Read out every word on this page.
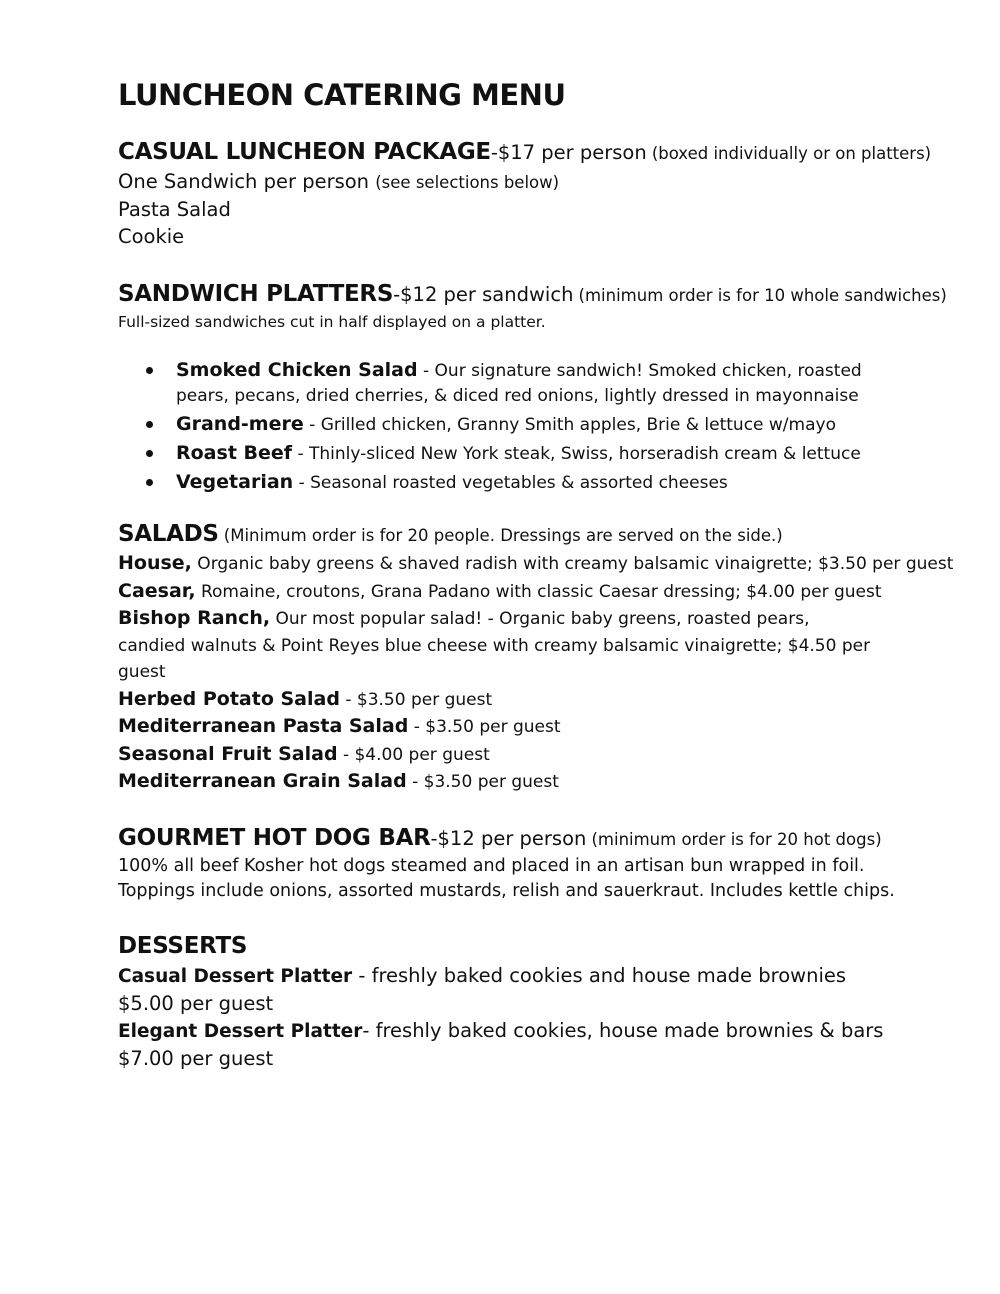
LUNCHEON CATERING MENU
CASUAL LUNCHEON PACKAGE-$17 per person (boxed individually or on platters)
One Sandwich per person (see selections below)
Pasta Salad
Cookie
SANDWICH PLATTERS-$12 per sandwich (minimum order is for 10 whole sandwiches)
Full-sized sandwiches cut in half displayed on a platter.
Smoked Chicken Salad - Our signature sandwich! Smoked chicken, roasted pears, pecans, dried cherries, & diced red onions, lightly dressed in mayonnaise
Grand-mere - Grilled chicken, Granny Smith apples, Brie & lettuce w/mayo
Roast Beef - Thinly-sliced New York steak, Swiss, horseradish cream & lettuce
Vegetarian - Seasonal roasted vegetables & assorted cheeses
SALADS (Minimum order is for 20 people. Dressings are served on the side.)
House, Organic baby greens & shaved radish with creamy balsamic vinaigrette; $3.50 per guest
Caesar, Romaine, croutons, Grana Padano with classic Caesar dressing; $4.00 per guest
Bishop Ranch, Our most popular salad! - Organic baby greens, roasted pears, candied walnuts & Point Reyes blue cheese with creamy balsamic vinaigrette; $4.50 per guest
Herbed Potato Salad - $3.50 per guest
Mediterranean Pasta Salad - $3.50 per guest
Seasonal Fruit Salad - $4.00 per guest
Mediterranean Grain Salad - $3.50 per guest
GOURMET HOT DOG BAR-$12 per person (minimum order is for 20 hot dogs)
100% all beef Kosher hot dogs steamed and placed in an artisan bun wrapped in foil.
Toppings include onions, assorted mustards, relish and sauerkraut. Includes kettle chips.
DESSERTS
Casual Dessert Platter - freshly baked cookies and house made brownies
$5.00 per guest
Elegant Dessert Platter- freshly baked cookies, house made brownies & bars
$7.00 per guest
